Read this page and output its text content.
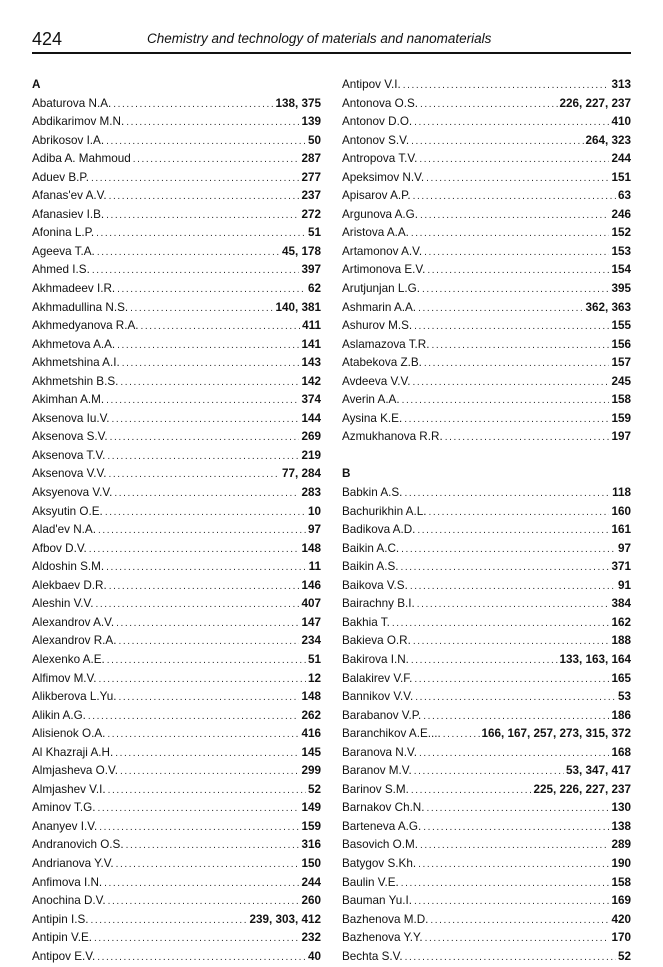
424	Chemistry and technology of materials and nanomaterials
A
Abaturova N.A. .....	138, 375
Abdikarimov M.N. .....	139
Abrikosov I.A. .....	50
Adiba A. Mahmoud .....	287
Aduev B.P. .....	277
Afanas'ev A.V. .....	237
Afanasiev I.B. .....	272
Afonina L.P. .....	51
Ageeva T.A. .....	45, 178
Ahmed I.S. .....	397
Akhmadeev I.R. .....	62
Akhmadullina N.S. .....	140, 381
Akhmedyanova R.A. .....	411
Akhmetova A.A. .....	141
Akhmetshina A.I. .....	143
Akhmetshin B.S. .....	142
Akimhan A.M. .....	374
Aksenova Iu.V. .....	144
Aksenova S.V. .....	269
Aksenova T.V. .....	219
Aksenova V.V. .....	77, 284
Aksyenova V.V. .....	283
Aksyutin O.E. .....	10
Alad'ev N.A. .....	97
Afbov D.V. .....	148
Aldoshin S.M. .....	11
Alekbaev D.R. .....	146
Aleshin V.V. .....	407
Alexandrov A.V. .....	147
Alexandrov R.A. .....	234
Alexenko A.E. .....	51
Alfimov M.V. .....	12
Alikberova L.Yu. .....	148
Alikin A.G. .....	262
Alisienok O.A. .....	416
Al Khazraji A.H. .....	145
Almjasheva O.V. .....	299
Almjashev V.I. .....	52
Aminov T.G. .....	149
Ananyev I.V. .....	159
Andranovich O.S. .....	316
Andrianova Y.V. .....	150
Anfimova I.N. .....	244
Anochina D.V. .....	260
Antipin I.S. .....	239, 303, 412
Antipin V.E. .....	232
Antipov E.V. .....	40
Antipov V.I. .....	313
Antonova O.S. .....	226, 227, 237
Antonov D.O. .....	410
Antonov S.V. .....	264, 323
Antropova T.V. .....	244
Apeksimov N.V. .....	151
Apisarov A.P. .....	63
Argunova A.G. .....	246
Aristova A.A. .....	152
Artamonov A.V. .....	153
Artimonova E.V. .....	154
Arutjunjan L.G. .....	395
Ashmarin A.A. .....	362, 363
Ashurov M.S. .....	155
Aslamazova T.R. .....	156
Atabekova Z.B. .....	157
Avdeeva V.V. .....	245
Averin A.A. .....	158
Aysina K.E. .....	159
Azmukhanova R.R. .....	197
B
Babkin A.S. .....	118
Bachurikhin A.L. .....	160
Badikova A.D. .....	161
Baikin A.C. .....	97
Baikin A.S. .....	371
Baikova V.S. .....	91
Bairachny B.I. .....	384
Bakhia T. .....	162
Bakieva O.R. .....	188
Bakirova I.N. .....	133, 163, 164
Balakirev V.F. .....	165
Bannikov V.V. .....	53
Barabanov V.P. .....	186
Baranchikov A.E.... .....	166, 167, 257, 273, 315, 372
Baranova N.V. .....	168
Baranov M.V. .....	53, 347, 417
Barinov S.M. .....	225, 226, 227, 237
Barnakov Ch.N. .....	130
Barteneva A.G. .....	138
Basovich O.M. .....	289
Batygov S.Kh. .....	190
Baulin V.E. .....	158
Bauman Yu.I. .....	169
Bazhenova M.D. .....	420
Bazhenova Y.Y. .....	170
Bechta S.V. .....	52
